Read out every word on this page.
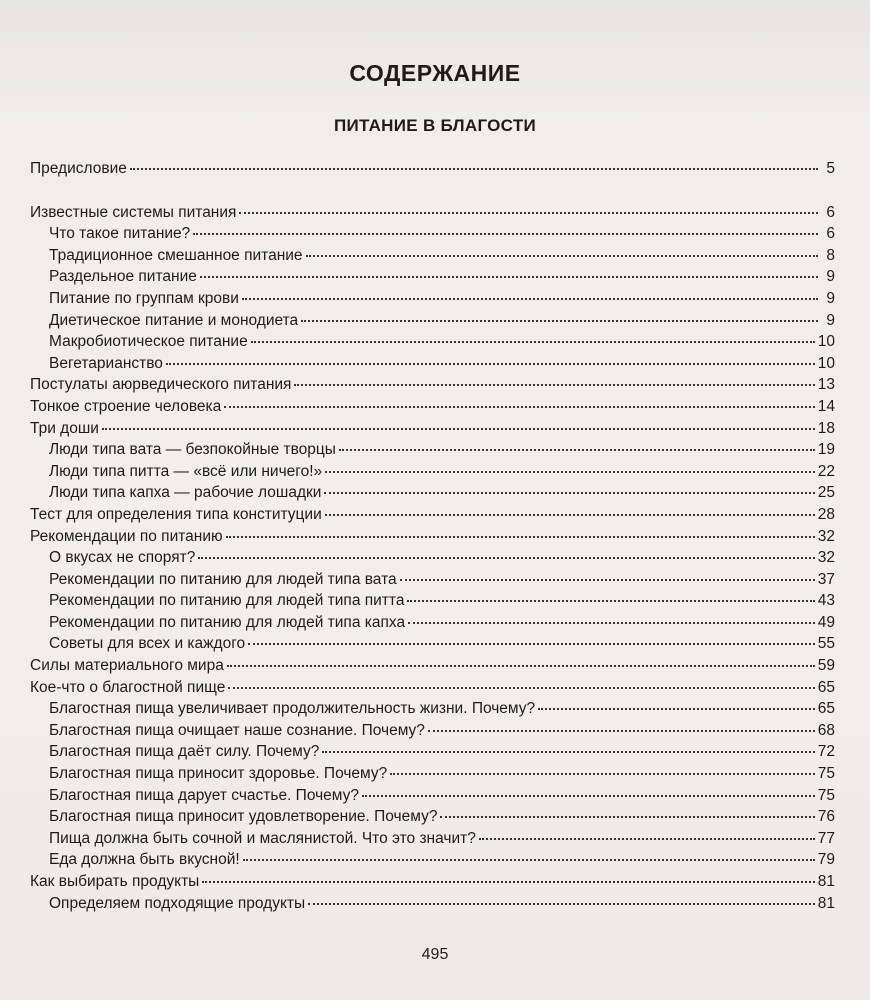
СОДЕРЖАНИЕ
ПИТАНИЕ В БЛАГОСТИ
Предисловие	5
Известные системы питания	6
Что такое питание?	6
Традиционное смешанное питание	8
Раздельное питание	9
Питание по группам крови	9
Диетическое питание и монодиета	9
Макробиотическое питание	10
Вегетарианство	10
Постулаты аюрведического питания	13
Тонкое строение человека	14
Три доши	18
Люди типа вата — безпокойные творцы	19
Люди типа питта — «всё или ничего!»	22
Люди типа капха — рабочие лошадки	25
Тест для определения типа конституции	28
Рекомендации по питанию	32
О вкусах не спорят?	32
Рекомендации по питанию для людей типа вата	37
Рекомендации по питанию для людей типа питта	43
Рекомендации по питанию для людей типа капха	49
Советы для всех и каждого	55
Силы материального мира	59
Кое-что о благостной пище	65
Благостная пища увеличивает продолжительность жизни. Почему?	65
Благостная пища очищает наше сознание. Почему?	68
Благостная пища даёт силу. Почему?	72
Благостная пища приносит здоровье. Почему?	75
Благостная пища дарует счастье. Почему?	75
Благостная пища приносит удовлетворение. Почему?	76
Пища должна быть сочной и маслянистой. Что это значит?	77
Еда должна быть вкусной!	79
Как выбирать продукты	81
Определяем подходящие продукты	81
495
